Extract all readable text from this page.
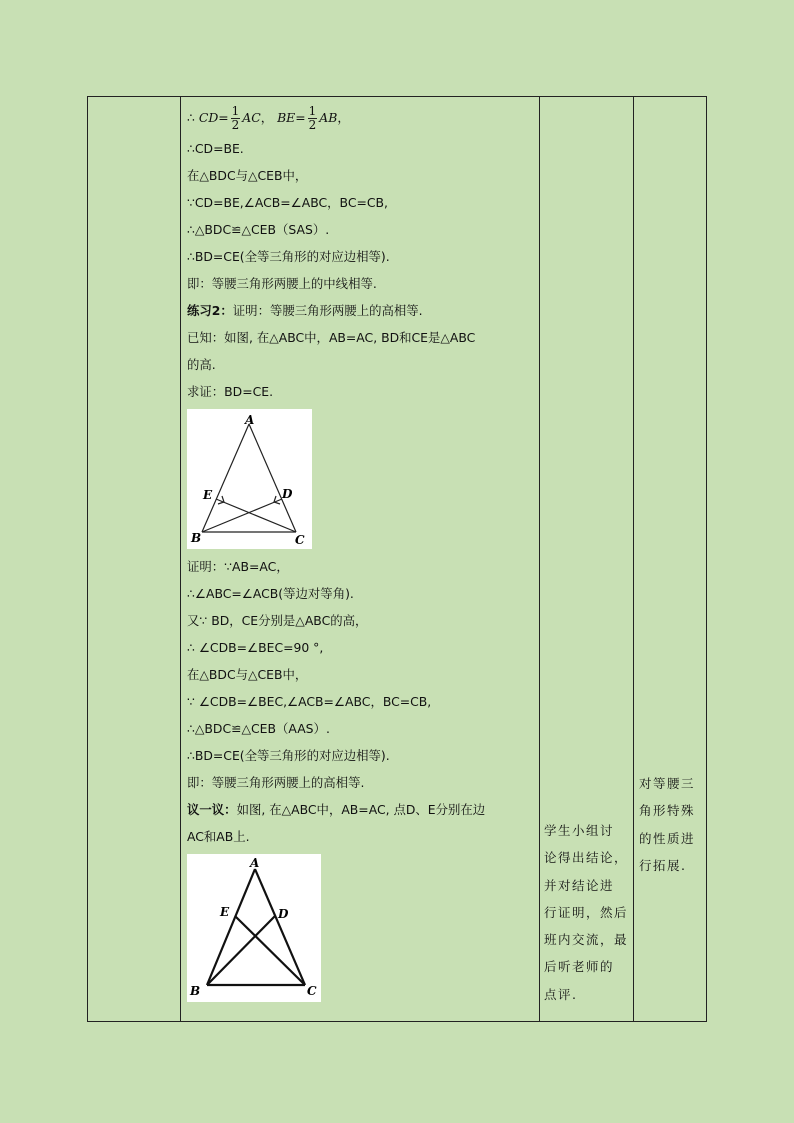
∴ $CD= \frac{1}{2}$ AC， $BE= \frac{1}{2}$ AB，
∴CD=BE.
在△BDC与△CEB中，
∵CD=BE,∠ACB=∠ABC，BC=CB,
∴△BDC≌△CEB（SAS）.
∴BD=CE(全等三角形的对应边相等).
即：等腰三角形两腰上的中线相等.
练习2：证明：等腰三角形两腰上的高相等.
已知：如图, 在△ABC中，AB=AC, BD和CE是△ABC
的高.
求证：BD=CE.
A
E	D
B	C
证明：∵AB=AC，
∴∠ABC=∠ACB(等边对等角).
又∵ BD，CE分别是△ABC的高，
∴ ∠CDB=∠BEC=90 °,
在△BDC与△CEB中，
∵ ∠CDB=∠BEC,∠ACB=∠ABC，BC=CB,
∴△BDC≌△CEB（AAS）.
∴BD=CE(全等三角形的对应边相等).
即：等腰三角形两腰上的高相等.
议一议：如图, 在△ABC中，AB=AC, 点D、E分别在边
AC和AB上.
A
E	D
B	C
学生小组讨
论得出结论，
并对结论进
行证明，然后
班内交流，最
后听老师的
点评.
对等腰三
角形特殊
的性质进
行拓展.
